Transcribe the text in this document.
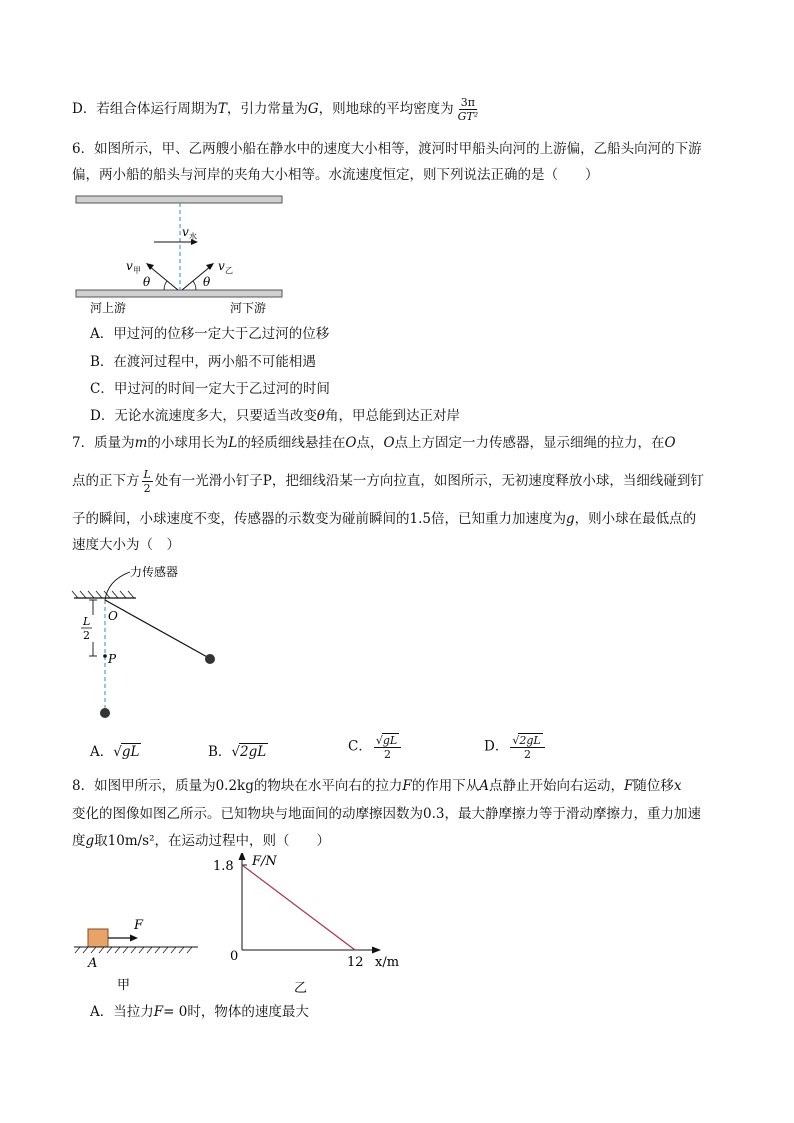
D．若组合体运行周期为T，引力常量为G，则地球的平均密度为 $\frac{3\pi}{\text{GT²}}$
6．如图所示，甲、乙两艘小船在静水中的速度大小相等，渡河时甲船头向河的上游偏，乙船头向河的下游
偏，两小船的船头与河岸的夹角大小相等。水流速度恒定，则下列说法正确的是（　　）
v 水
v 甲	v 乙
θ	θ
河上游	河下游
A．甲过河的位移一定大于乙过河的位移
B．在渡河过程中，两小船不可能相遇
C．甲过河的时间一定大于乙过河的时间
D．无论水流速度多大，只要适当改变θ角，甲总能到达正对岸
7．质量为m的小球用长为L的轻质细线悬挂在O点，O点上方固定一力传感器，显示细绳的拉力，在O
点的正下方 $\frac{L}{2}$ 处有一光滑小钉子P，把细线沿某一方向拉直，如图所示，无初速度释放小球，当细线碰到钉
子的瞬间，小球速度不变，传感器的示数变为碰前瞬间的1.5倍，已知重力加速度为g，则小球在最低点的
速度大小为（　）
力传感器
O
P
L
2
A．√gL	B．√2gL	C． $\frac{√gL}{2}$	D． $\frac{√2gL}{2}$
8．如图甲所示，质量为0.2kg的物块在水平向右的拉力F的作用下从A点静止开始向右运动，F随位移x
变化的图像如图乙所示。已知物块与地面间的动摩擦因数为0.3，最大静摩擦力等于滑动摩擦力，重力加速
度g取10m/s²，在运动过程中，则（　　）
F
A
甲
F/N
x/m
1.8
0	12
乙
A．当拉力F= 0时，物体的速度最大
